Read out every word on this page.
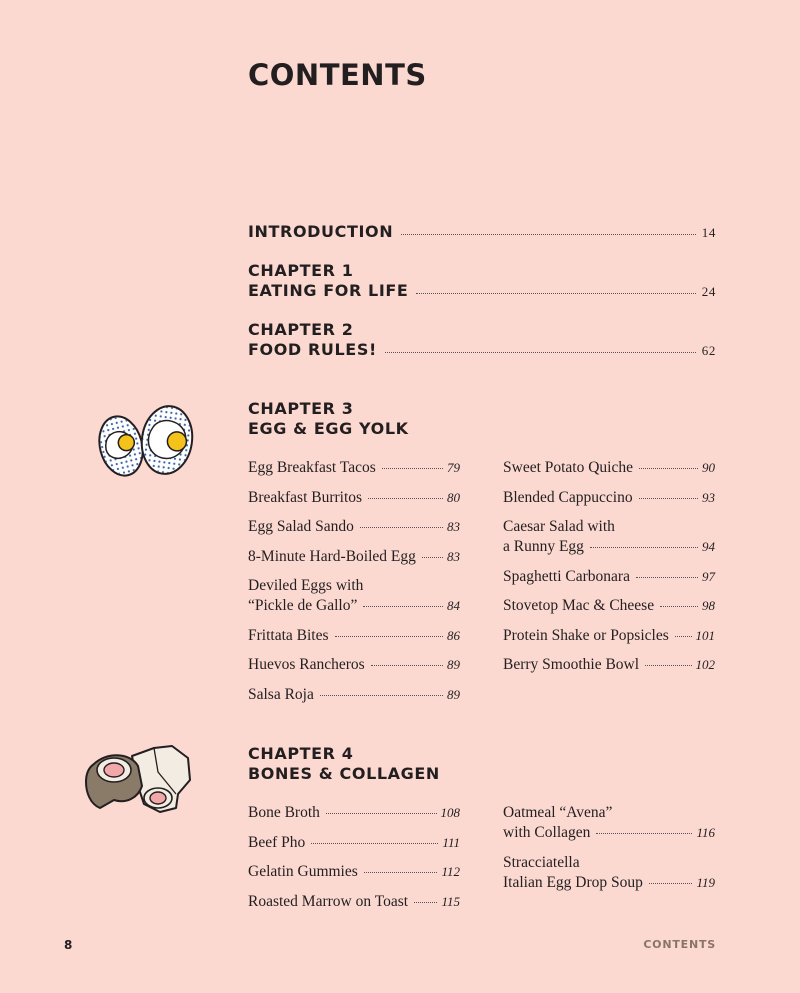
CONTENTS
INTRODUCTION	14
CHAPTER 1
EATING FOR LIFE	24
CHAPTER 2
FOOD RULES!	62
CHAPTER 3
EGG & EGG YOLK
Egg Breakfast Tacos	79
Breakfast Burritos	80
Egg Salad Sando	83
8-Minute Hard-Boiled Egg 83
Deviled Eggs with
“Pickle de Gallo”	84
Frittata Bites	86
Huevos Rancheros	89
Salsa Roja	89
Sweet Potato Quiche	90
Blended Cappuccino	93
Caesar Salad with
a Runny Egg	94
Spaghetti Carbonara	97
Stovetop Mac & Cheese	98
Protein Shake or Popsicles 101
Berry Smoothie Bowl	102
CHAPTER 4
BONES & COLLAGEN
Bone Broth	108
Beef Pho	111
Gelatin Gummies	112
Roasted Marrow on Toast	115
Oatmeal “Avena”
with Collagen	116
Stracciatella
Italian Egg Drop Soup	119
8	CONTENTS
